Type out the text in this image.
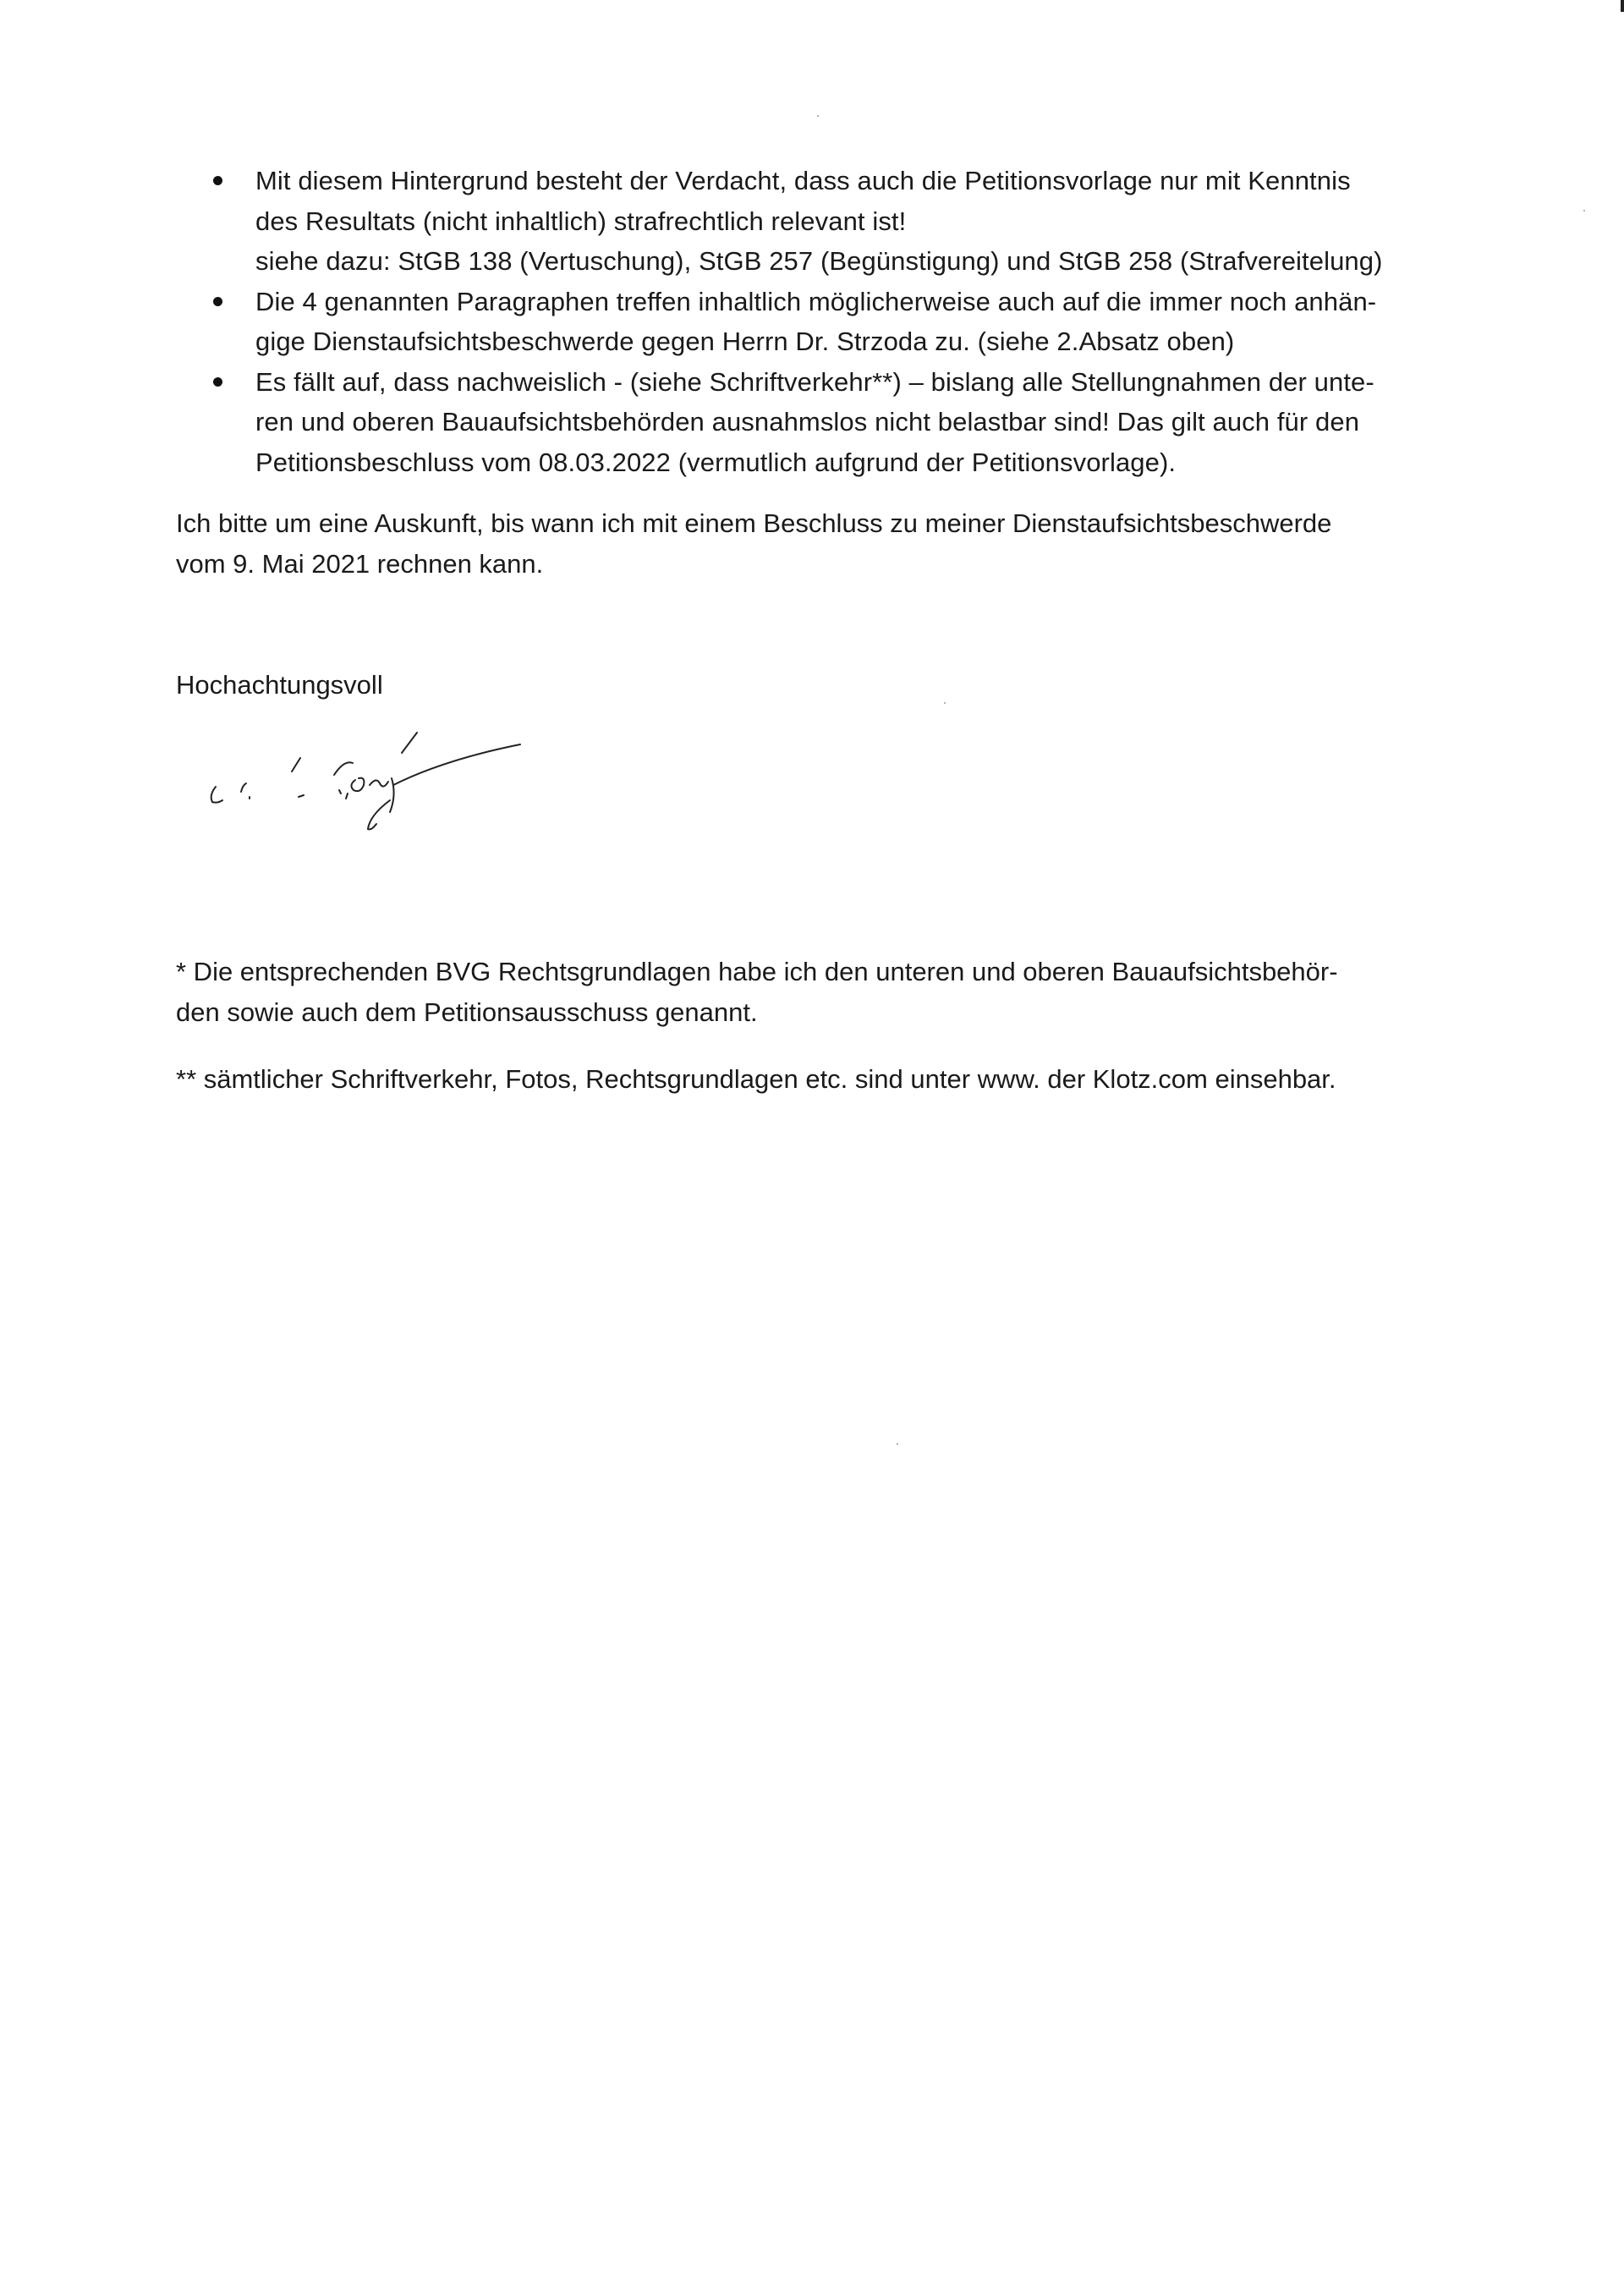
Mit diesem Hintergrund besteht der Verdacht, dass auch die Petitionsvorlage nur mit Kenntnis
des Resultats (nicht inhaltlich) strafrechtlich relevant ist!
siehe dazu: StGB 138 (Vertuschung), StGB 257 (Begünstigung) und StGB 258 (Strafvereitelung)
Die 4 genannten Paragraphen treffen inhaltlich möglicherweise auch auf die immer noch anhän-
gige Dienstaufsichtsbeschwerde gegen Herrn Dr. Strzoda zu. (siehe 2.Absatz oben)
Es fällt auf, dass nachweislich - (siehe Schriftverkehr**) – bislang alle Stellungnahmen der unte-
ren und oberen Bauaufsichtsbehörden ausnahmslos nicht belastbar sind! Das gilt auch für den
Petitionsbeschluss vom 08.03.2022 (vermutlich aufgrund der Petitionsvorlage).
Ich bitte um eine Auskunft, bis wann ich mit einem Beschluss zu meiner Dienstaufsichtsbeschwerde
vom 9. Mai 2021 rechnen kann.
Hochachtungsvoll
* Die entsprechenden BVG Rechtsgrundlagen habe ich den unteren und oberen Bauaufsichtsbehör-
den sowie auch dem Petitionsausschuss genannt.
** sämtlicher Schriftverkehr, Fotos, Rechtsgrundlagen etc. sind unter www. der Klotz.com einsehbar.
